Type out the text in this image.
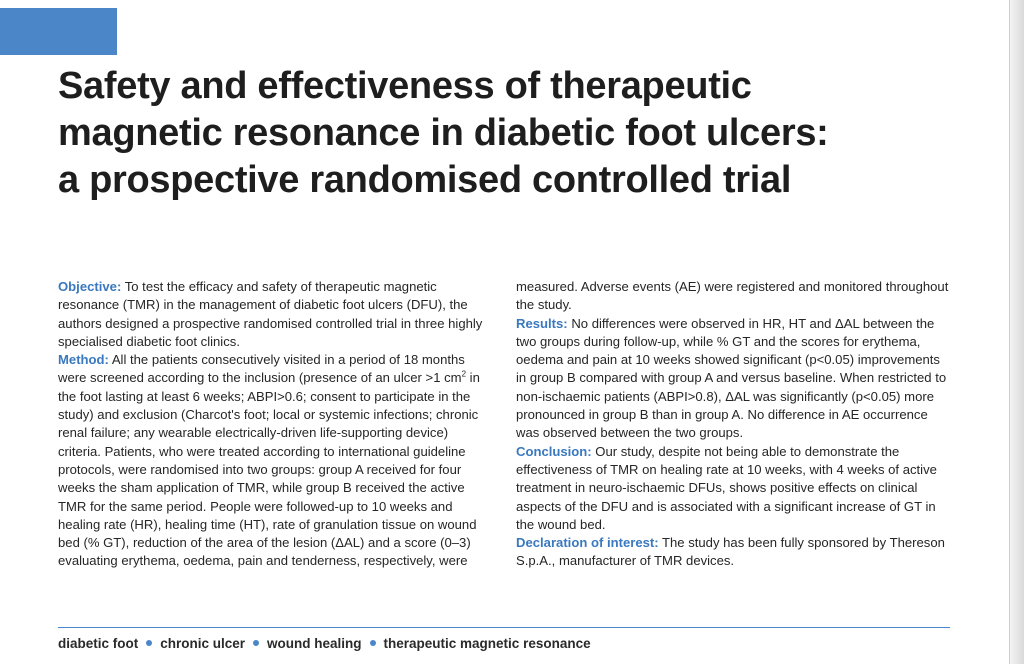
Safety and effectiveness of therapeutic
magnetic resonance in diabetic foot ulcers:
a prospective randomised controlled trial

Objective: To test the efficacy and safety of therapeutic magnetic resonance (TMR) in the management of diabetic foot ulcers (DFU), the authors designed a prospective randomised controlled trial in three highly specialised diabetic foot clinics.

Method: All the patients consecutively visited in a period of 18 months were screened according to the inclusion (presence of an ulcer >1 $cm^2$ in the foot lasting at least 6 weeks; ABPI>0.6; consent to participate in the study) and exclusion (Charcot's foot; local or systemic infections; chronic renal failure; any wearable electrically-driven life-supporting device) criteria. Patients, who were treated according to international guideline protocols, were randomised into two groups: group A received for four weeks the sham application of TMR, while group B received the active TMR for the same period. People were followed-up to 10 weeks and healing rate (HR), healing time (HT), rate of granulation tissue on wound bed (% GT), reduction of the area of the lesion (ΔAL) and a score (0–3) evaluating erythema, oedema, pain and tenderness, respectively, were measured. Adverse events (AE) were registered and monitored throughout the study.

Results: No differences were observed in HR, HT and ΔAL between the two groups during follow-up, while % GT and the scores for erythema, oedema and pain at 10 weeks showed significant (p<0.05) improvements in group B compared with group A and versus baseline. When restricted to non-ischaemic patients (ABPI>0.8), ΔAL was significantly (p<0.05) more pronounced in group B than in group A. No difference in AE occurrence was observed between the two groups.

Conclusion: Our study, despite not being able to demonstrate the effectiveness of TMR on healing rate at 10 weeks, with 4 weeks of active treatment in neuro-ischaemic DFUs, shows positive effects on clinical aspects of the DFU and is associated with a significant increase of GT in the wound bed.

Declaration of interest: The study has been fully sponsored by Thereson S.p.A., manufacturer of TMR devices.

diabetic foot chronic ulcer wound healing therapeutic magnetic resonance
